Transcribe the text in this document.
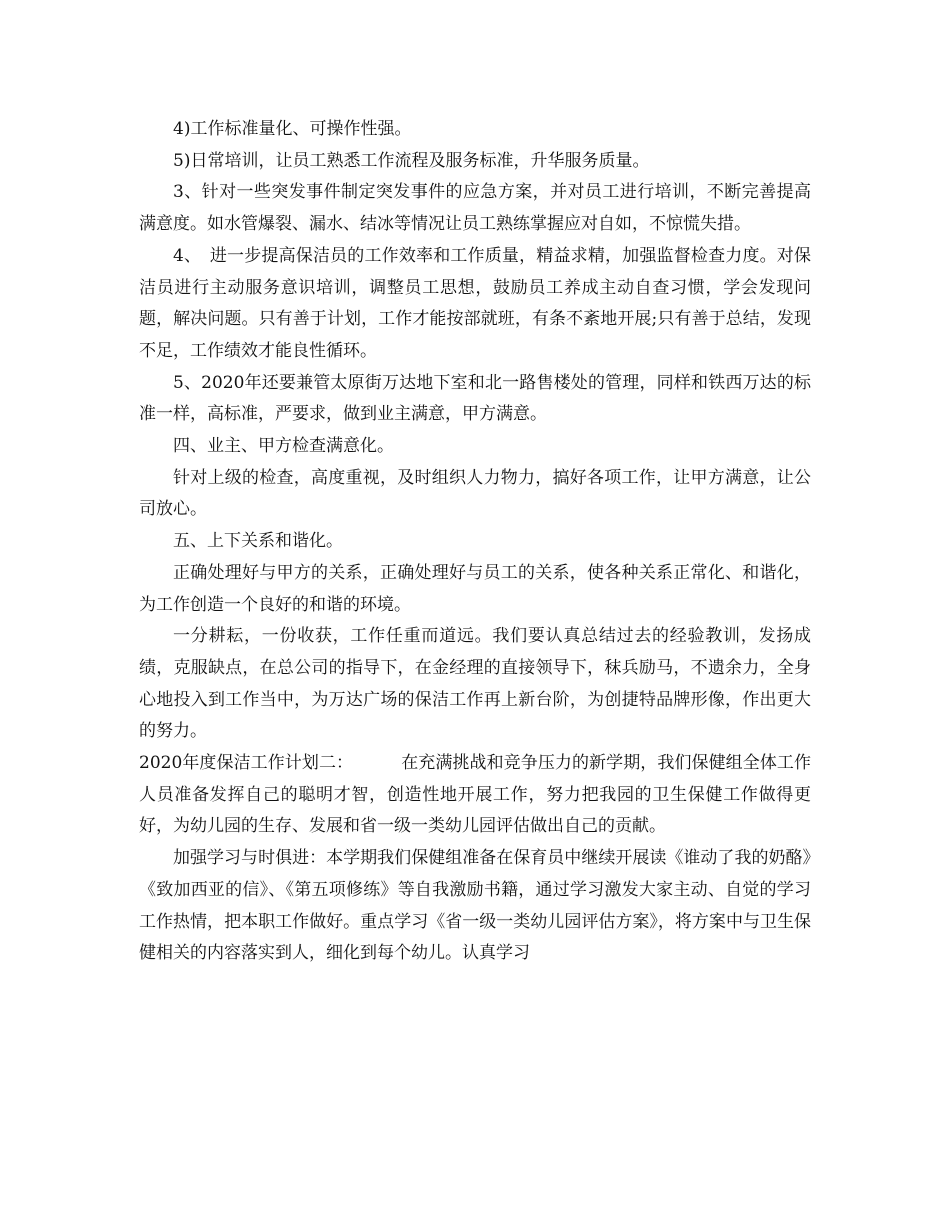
4)工作标准量化、可操作性强。

5)日常培训，让员工熟悉工作流程及服务标准，升华服务质量。

3、针对一些突发事件制定突发事件的应急方案，并对员工进行培训，不断完善提高满意度。如水管爆裂、漏水、结冰等情况让员工熟练掌握应对自如，不惊慌失措。

4、　进一步提高保洁员的工作效率和工作质量，精益求精，加强监督检查力度。对保洁员进行主动服务意识培训，调整员工思想，鼓励员工养成主动自查习惯，学会发现问题，解决问题。只有善于计划，工作才能按部就班，有条不紊地开展;只有善于总结，发现不足，工作绩效才能良性循环。

5、2020年还要兼管太原街万达地下室和北一路售楼处的管理，同样和铁西万达的标准一样，高标准，严要求，做到业主满意，甲方满意。

四、业主、甲方检查满意化。

针对上级的检查，高度重视，及时组织人力物力，搞好各项工作，让甲方满意，让公司放心。

五、上下关系和谐化。

正确处理好与甲方的关系，正确处理好与员工的关系，使各种关系正常化、和谐化，为工作创造一个良好的和谐的环境。

一分耕耘，一份收获，工作任重而道远。我们要认真总结过去的经验教训，发扬成绩，克服缺点，在总公司的指导下，在金经理的直接领导下，秣兵励马，不遗余力，全身心地投入到工作当中，为万达广场的保洁工作再上新台阶，为创捷特品牌形像，作出更大的努力。

2020年度保洁工作计划二：	在充满挑战和竞争压力的新学期，我们保健组全体工作人员准备发挥自己的聪明才智，创造性地开展工作，努力把我园的卫生保健工作做得更好，为幼儿园的生存、发展和省一级一类幼儿园评估做出自己的贡献。

加强学习与时俱进：本学期我们保健组准备在保育员中继续开展读《谁动了我的奶酪》《致加西亚的信》、《第五项修练》等自我激励书籍，通过学习激发大家主动、自觉的学习工作热情，把本职工作做好。重点学习《省一级一类幼儿园评估方案》，将方案中与卫生保健相关的内容落实到人，细化到每个幼儿。认真学习
